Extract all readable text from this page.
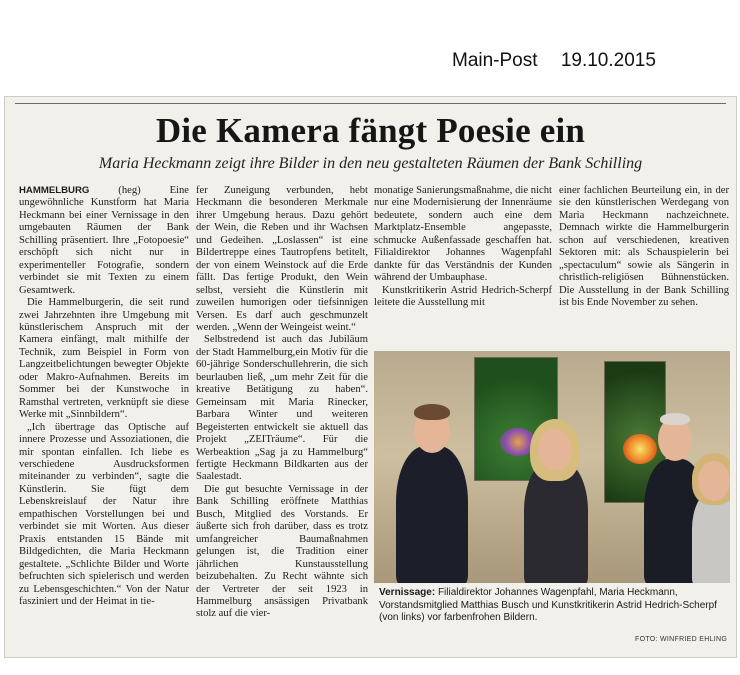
Main-Post 19.10.2015
Die Kamera fängt Poesie ein
Maria Heckmann zeigt ihre Bilder in den neu gestalteten Räumen der Bank Schilling

HAMMELBURG	(heg) Eine ungewöhnliche Kunstform hat Maria Heckmann bei einer Vernissage in den umgebauten Räumen der Bank Schilling präsentiert. Ihre „Fotopoesie“ erschöpft sich nicht nur in experimenteller Fotografie, sondern verbindet sie mit Texten zu einem Gesamtwerk.

Die Hammelburgerin, die seit rund zwei Jahrzehnten ihre Umgebung mit künstlerischem Anspruch mit der Kamera einfängt, malt mithilfe der Technik, zum Beispiel in Form von Langzeitbelichtungen bewegter Objekte oder Makro-Aufnahmen. Bereits im Sommer bei der Kunstwoche in Ramsthal vertreten, verknüpft sie diese Werke mit „Sinnbildern“.

„Ich übertrage das Optische auf innere Prozesse und Assoziationen, die mir spontan einfallen. Ich liebe es verschiedene Ausdrucksformen miteinander zu verbinden“, sagte die Künstlerin. Sie fügt dem Lebenskreislauf der Natur ihre empathischen Vorstellungen bei und verbindet sie mit Worten. Aus dieser Praxis entstanden 15 Bände mit Bildgedichten, die Maria Heckmann gestaltete. „Schlichte Bilder und Worte befruchten sich spielerisch und werden zu Lebensgeschichten.“ Von der Natur fasziniert und der Heimat in tie-

fer Zuneigung verbunden, hebt Heckmann die besonderen Merkmale ihrer Umgebung heraus. Dazu gehört der Wein, die Reben und ihr Wachsen und Gedeihen. „Loslassen“ ist eine Bildertreppe eines Tautropfens betitelt, der von einem Weinstock auf die Erde fällt. Das fertige Produkt, den Wein selbst, versieht die Künstlerin mit zuweilen humorigen oder tiefsinnigen Versen. Es darf auch geschmunzelt werden. „Wenn der Weingeist weint.“

Selbstredend ist auch das Jubiläum der Stadt Hammelburg,ein Motiv für die 60-jährige Sonderschullehrerin, die sich beurlauben ließ, „um mehr Zeit für die kreative Betätigung zu haben“. Gemeinsam mit Maria Rinecker, Barbara Winter und weiteren Begeisterten entwickelt sie aktuell das Projekt „ZEITräume“. Für die Werbeaktion „Sag ja zu Hammelburg“ fertigte Heckmann Bildkarten aus der Saalestadt.

Die gut besuchte Vernissage in der Bank Schilling eröffnete Matthias Busch, Mitglied des Vorstands. Er äußerte sich froh darüber, dass es trotz umfangreicher Baumaßnahmen gelungen ist, die Tradition einer jährlichen Kunstausstellung beizubehalten. Zu Recht wähnte sich der Vertreter der seit 1923 in Hammelburg ansässigen Privatbank stolz auf die vier-

monatige Sanierungsmaßnahme, die nicht nur eine Modernisierung der Innenräume bedeutete, sondern auch eine dem Marktplatz-Ensemble angepasste, schmucke Außenfassade geschaffen hat. Filialdirektor Johannes Wagenpfahl dankte für das Verständnis der Kunden während der Umbauphase.

Kunstkritikerin Astrid Hedrich-Scherpf leitete die Ausstellung mit

einer fachlichen Beurteilung ein, in der sie den künstlerischen Werdegang von Maria Heckmann nachzeichnete. Demnach wirkte die Hammelburgerin schon auf verschiedenen, kreativen Sektoren mit: als Schauspielerin bei „spectaculum“ sowie als Sängerin in christlich-religiösen Bühnenstücken. Die Ausstellung in der Bank Schilling ist bis Ende November zu sehen.

Vernissage: Filialdirektor Johannes Wagenpfahl, Maria Heckmann, Vorstandsmitglied Matthias Busch und Kunstkritikerin Astrid Hedrich-Scherpf (von links) vor farbenfrohen Bildern.
FOTO: WINFRIED EHLING
